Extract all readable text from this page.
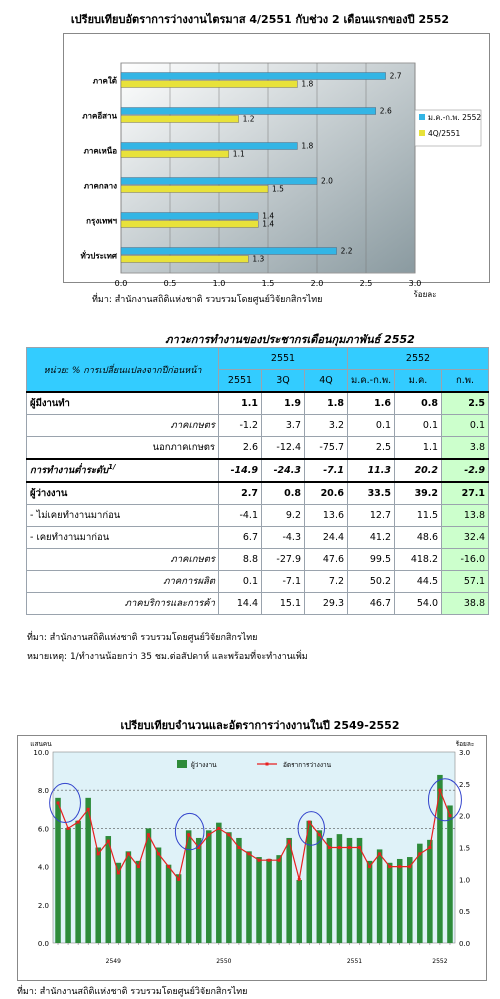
เปรียบเทียบอัตราการว่างงานไตรมาส 4/2551 กับช่วง 2 เดือนแรกของปี 2552
0.0	0.5	1.0	1.5	2.0	2.5	3.0
ร้อยละ
ภาคใต้
2.7
1.8
ภาคอีสาน
2.6
1.2
ภาคเหนือ
1.8
1.1
ภาคกลาง
2.0
1.5
กรุงเทพฯ
1.4
1.4
ทั่วประเทศ
2.2
1.3
ม.ค.-ก.พ. 2552
4Q/2551
ที่มา: สำนักงานสถิติแห่งชาติ รวบรวมโดยศูนย์วิจัยกสิกรไทย
ภาวะการทำงานของประชากรเดือนกุมภาพันธ์ 2552
หน่วย: % การเปลี่ยนแปลงจากปีก่อนหน้า	2551			2552		
	2551	3Q	4Q	ม.ค.-ก.พ.	ม.ค.	ก.พ.
ผู้มีงานทำ	1.1	1.9	1.8	1.6	0.8	2.5
ภาคเกษตร	-1.2	3.7	3.2	0.1	0.1	0.1
นอกภาคเกษตร	2.6	-12.4	-75.7	2.5	1.1	3.8
การทำงานต่ำระดับ$^{1/}$	-14.9	-24.3	-7.1	11.3	20.2	-2.9
ผู้ว่างงาน	2.7	0.8	20.6	33.5	39.2	27.1
- ไม่เคยทำงานมาก่อน	-4.1	9.2	13.6	12.7	11.5	13.8
- เคยทำงานมาก่อน	6.7	-4.3	24.4	41.2	48.6	32.4
ภาคเกษตร	8.8	-27.9	47.6	99.5	418.2	-16.0
ภาคการผลิต	0.1	-7.1	7.2	50.2	44.5	57.1
ภาคบริการและการค้า	14.4	15.1	29.3	46.7	54.0	38.8
ที่มา: สำนักงานสถิติแห่งชาติ รวบรวมโดยศูนย์วิจัยกสิกรไทย
หมายเหตุ: 1/ทำงานน้อยกว่า 35 ชม.ต่อสัปดาห์ และพร้อมที่จะทำงานเพิ่ม
เปรียบเทียบจำนวนและอัตราการว่างงานในปี 2549-2552
0.0
2.0
4.0
6.0
8.0
10.0
0.0
0.5
1.0
1.5
2.0
2.5
3.0
แสนคน	ร้อยละ
2549	2550	2551	2552
ผู้ว่างงาน	อัตราการว่างงาน
ที่มา: สำนักงานสถิติแห่งชาติ รวบรวมโดยศูนย์วิจัยกสิกรไทย
